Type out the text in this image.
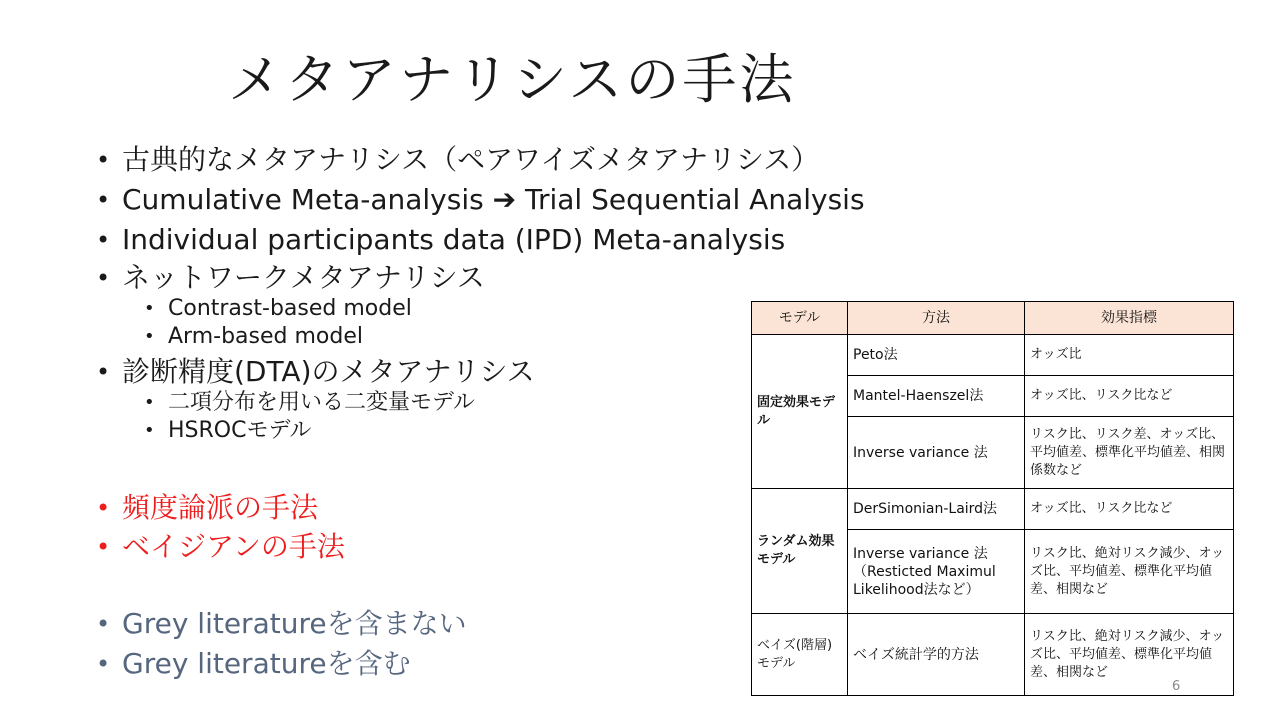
メタアナリシスの手法
• 古典的なメタアナリシス（ペアワイズメタアナリシス）
• Cumulative Meta-analysis ➔ Trial Sequential Analysis
• Individual participants data (IPD) Meta-analysis
• ネットワークメタアナリシス
• Contrast-based model
• Arm-based model
• 診断精度(DTA)のメタアナリシス
• 二項分布を用いる二変量モデル
• HSROCモデル
• 頻度論派の手法
• ベイジアンの手法
• Grey literatureを含まない
• Grey literatureを含む
モデル	方法	効果指標
固定効果モデル	Peto法	オッズ比
	Mantel-Haenszel法	オッズ比、リスク比など
	Inverse variance 法	リスク比、リスク差、オッズ比、平均値差、標準化平均値差、相関係数など
ランダム効果モデル	DerSimonian-Laird法	オッズ比、リスク比など
	Inverse variance 法 （Resticted Maximul Likelihood法など）	リスク比、絶対リスク減少、オッズ比、平均値差、標準化平均値差、相関など
ベイズ(階層)モデル	ベイズ統計学的方法	リスク比、絶対リスク減少、オッズ比、平均値差、標準化平均値差、相関など
6
